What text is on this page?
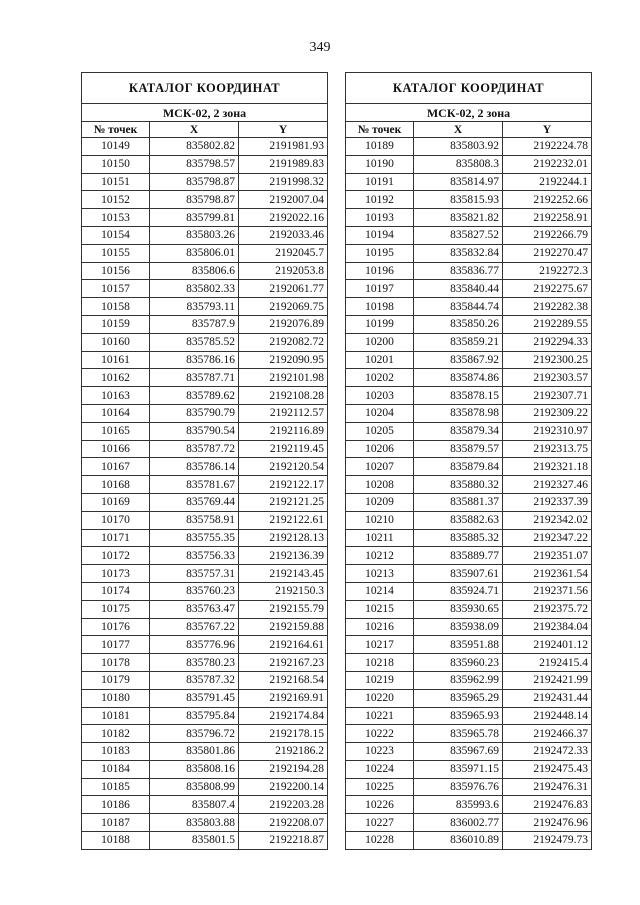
349
КАТАЛОГ КООРДИНАТ		
МСК-02, 2 зона		
№ точек	X	Y
10149	835802.82	2191981.93
10150	835798.57	2191989.83
10151	835798.87	2191998.32
10152	835798.87	2192007.04
10153	835799.81	2192022.16
10154	835803.26	2192033.46
10155	835806.01	2192045.7
10156	835806.6	2192053.8
10157	835802.33	2192061.77
10158	835793.11	2192069.75
10159	835787.9	2192076.89
10160	835785.52	2192082.72
10161	835786.16	2192090.95
10162	835787.71	2192101.98
10163	835789.62	2192108.28
10164	835790.79	2192112.57
10165	835790.54	2192116.89
10166	835787.72	2192119.45
10167	835786.14	2192120.54
10168	835781.67	2192122.17
10169	835769.44	2192121.25
10170	835758.91	2192122.61
10171	835755.35	2192128.13
10172	835756.33	2192136.39
10173	835757.31	2192143.45
10174	835760.23	2192150.3
10175	835763.47	2192155.79
10176	835767.22	2192159.88
10177	835776.96	2192164.61
10178	835780.23	2192167.23
10179	835787.32	2192168.54
10180	835791.45	2192169.91
10181	835795.84	2192174.84
10182	835796.72	2192178.15
10183	835801.86	2192186.2
10184	835808.16	2192194.28
10185	835808.99	2192200.14
10186	835807.4	2192203.28
10187	835803.88	2192208.07
10188	835801.5	2192218.87
КАТАЛОГ КООРДИНАТ		
МСК-02, 2 зона		
№ точек	X	Y
10189	835803.92	2192224.78
10190	835808.3	2192232.01
10191	835814.97	2192244.1
10192	835815.93	2192252.66
10193	835821.82	2192258.91
10194	835827.52	2192266.79
10195	835832.84	2192270.47
10196	835836.77	2192272.3
10197	835840.44	2192275.67
10198	835844.74	2192282.38
10199	835850.26	2192289.55
10200	835859.21	2192294.33
10201	835867.92	2192300.25
10202	835874.86	2192303.57
10203	835878.15	2192307.71
10204	835878.98	2192309.22
10205	835879.34	2192310.97
10206	835879.57	2192313.75
10207	835879.84	2192321.18
10208	835880.32	2192327.46
10209	835881.37	2192337.39
10210	835882.63	2192342.02
10211	835885.32	2192347.22
10212	835889.77	2192351.07
10213	835907.61	2192361.54
10214	835924.71	2192371.56
10215	835930.65	2192375.72
10216	835938.09	2192384.04
10217	835951.88	2192401.12
10218	835960.23	2192415.4
10219	835962.99	2192421.99
10220	835965.29	2192431.44
10221	835965.93	2192448.14
10222	835965.78	2192466.37
10223	835967.69	2192472.33
10224	835971.15	2192475.43
10225	835976.76	2192476.31
10226	835993.6	2192476.83
10227	836002.77	2192476.96
10228	836010.89	2192479.73
